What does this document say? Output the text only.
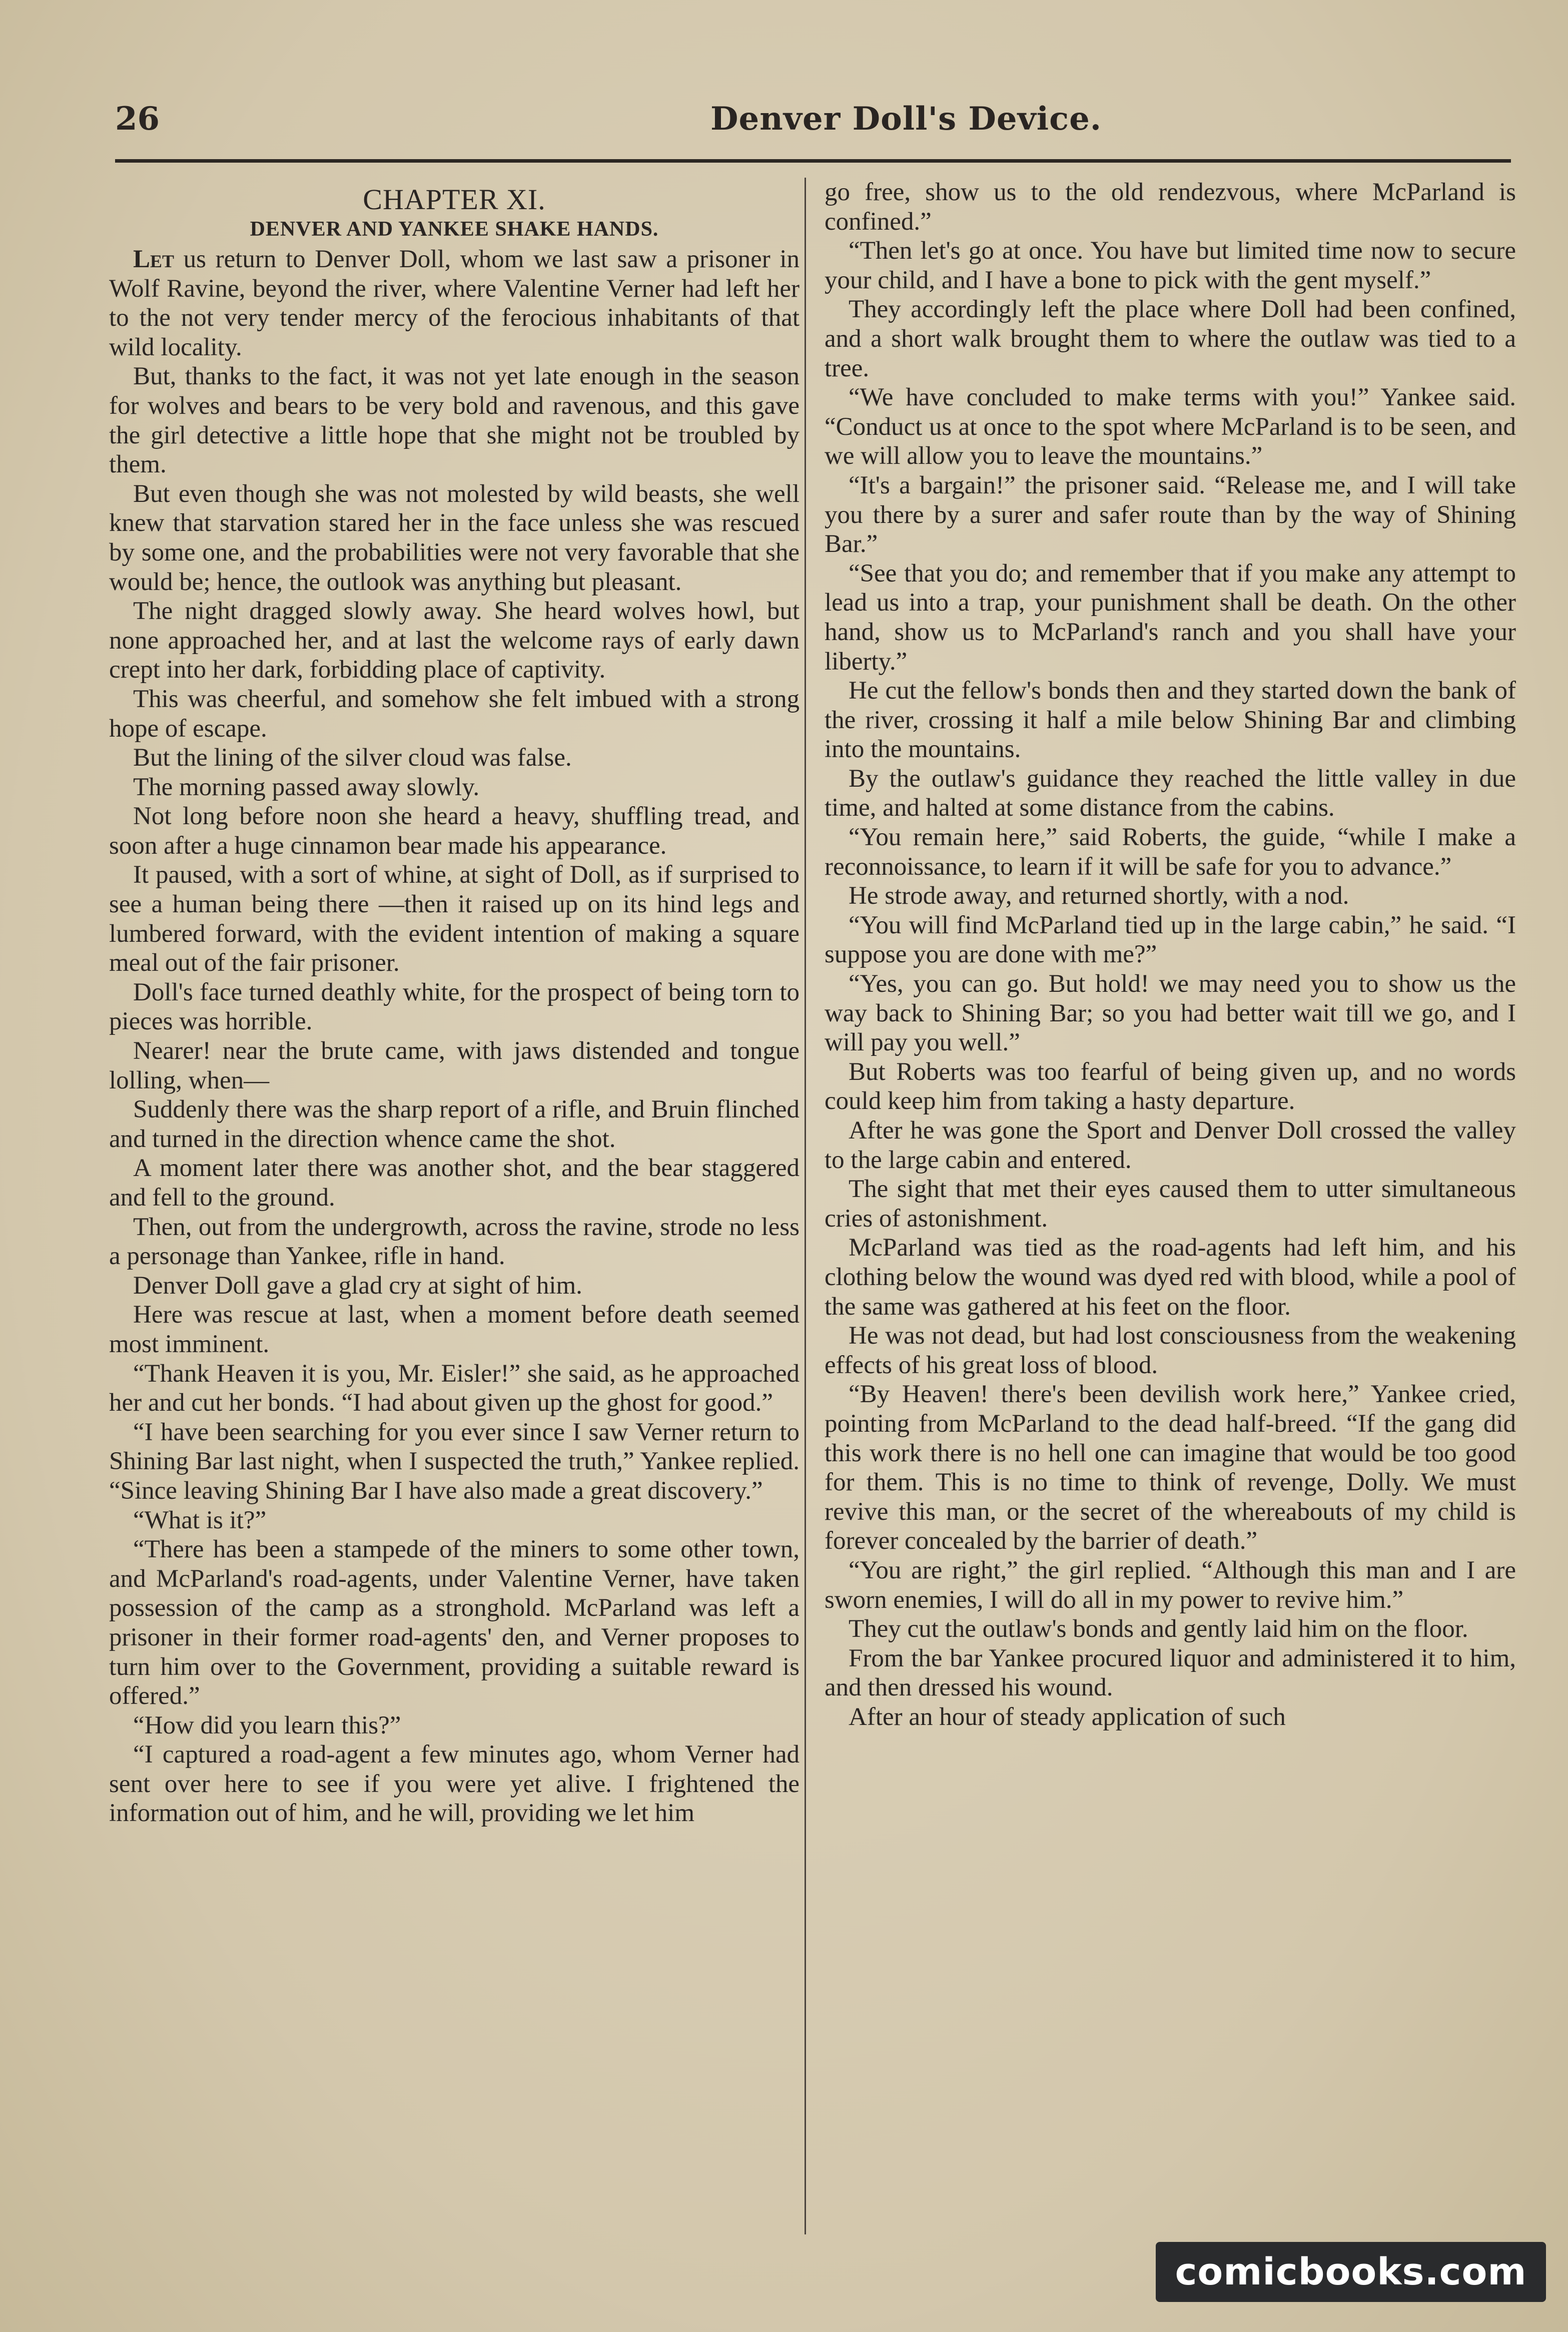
26	Denver Doll's Device.

CHAPTER XI.

DENVER AND YANKEE SHAKE HANDS.

Let us return to Denver Doll, whom we last saw a prisoner in Wolf Ravine, beyond the river, where Valentine Verner had left her to the not very tender mercy of the ferocious inhabitants of that wild locality.

But, thanks to the fact, it was not yet late enough in the season for wolves and bears to be very bold and ravenous, and this gave the girl detective a little hope that she might not be troubled by them.

But even though she was not molested by wild beasts, she well knew that starvation stared her in the face unless she was rescued by some one, and the probabilities were not very favorable that she would be; hence, the outlook was anything but pleasant.

The night dragged slowly away. She heard wolves howl, but none approached her, and at last the welcome rays of early dawn crept into her dark, forbidding place of captivity.

This was cheerful, and somehow she felt imbued with a strong hope of escape.

But the lining of the silver cloud was false.

The morning passed away slowly.

Not long before noon she heard a heavy, shuffling tread, and soon after a huge cinnamon bear made his appearance.

It paused, with a sort of whine, at sight of Doll, as if surprised to see a human being there —then it raised up on its hind legs and lumbered forward, with the evident intention of making a square meal out of the fair prisoner.

Doll's face turned deathly white, for the prospect of being torn to pieces was horrible.

Nearer! near the brute came, with jaws distended and tongue lolling, when—

Suddenly there was the sharp report of a rifle, and Bruin flinched and turned in the direction whence came the shot.

A moment later there was another shot, and the bear staggered and fell to the ground.

Then, out from the undergrowth, across the ravine, strode no less a personage than Yankee, rifle in hand.

Denver Doll gave a glad cry at sight of him.

Here was rescue at last, when a moment before death seemed most imminent.

“Thank Heaven it is you, Mr. Eisler!” she said, as he approached her and cut her bonds. “I had about given up the ghost for good.”

“I have been searching for you ever since I saw Verner return to Shining Bar last night, when I suspected the truth,” Yankee replied. “Since leaving Shining Bar I have also made a great discovery.”

“What is it?”

“There has been a stampede of the miners to some other town, and McParland's road-agents, under Valentine Verner, have taken possession of the camp as a stronghold. McParland was left a prisoner in their former road-agents' den, and Verner proposes to turn him over to the Government, providing a suitable reward is offered.”

“How did you learn this?”

“I captured a road-agent a few minutes ago, whom Verner had sent over here to see if you were yet alive. I frightened the information out of him, and he will, providing we let him

go free, show us to the old rendezvous, where McParland is confined.”

“Then let's go at once. You have but limited time now to secure your child, and I have a bone to pick with the gent myself.”

They accordingly left the place where Doll had been confined, and a short walk brought them to where the outlaw was tied to a tree.

“We have concluded to make terms with you!” Yankee said. “Conduct us at once to the spot where McParland is to be seen, and we will allow you to leave the mountains.”

“It's a bargain!” the prisoner said. “Release me, and I will take you there by a surer and safer route than by the way of Shining Bar.”

“See that you do; and remember that if you make any attempt to lead us into a trap, your punishment shall be death. On the other hand, show us to McParland's ranch and you shall have your liberty.”

He cut the fellow's bonds then and they started down the bank of the river, crossing it half a mile below Shining Bar and climbing into the mountains.

By the outlaw's guidance they reached the little valley in due time, and halted at some distance from the cabins.

“You remain here,” said Roberts, the guide, “while I make a reconnoissance, to learn if it will be safe for you to advance.”

He strode away, and returned shortly, with a nod.

“You will find McParland tied up in the large cabin,” he said. “I suppose you are done with me?”

“Yes, you can go. But hold! we may need you to show us the way back to Shining Bar; so you had better wait till we go, and I will pay you well.”

But Roberts was too fearful of being given up, and no words could keep him from taking a hasty departure.

After he was gone the Sport and Denver Doll crossed the valley to the large cabin and entered.

The sight that met their eyes caused them to utter simultaneous cries of astonishment.

McParland was tied as the road-agents had left him, and his clothing below the wound was dyed red with blood, while a pool of the same was gathered at his feet on the floor.

He was not dead, but had lost consciousness from the weakening effects of his great loss of blood.

“By Heaven! there's been devilish work here,” Yankee cried, pointing from McParland to the dead half-breed. “If the gang did this work there is no hell one can imagine that would be too good for them. This is no time to think of revenge, Dolly. We must revive this man, or the secret of the whereabouts of my child is forever concealed by the barrier of death.”

“You are right,” the girl replied. “Although this man and I are sworn enemies, I will do all in my power to revive him.”

They cut the outlaw's bonds and gently laid him on the floor.

From the bar Yankee procured liquor and administered it to him, and then dressed his wound.

After an hour of steady application of such

comicbooks.com
